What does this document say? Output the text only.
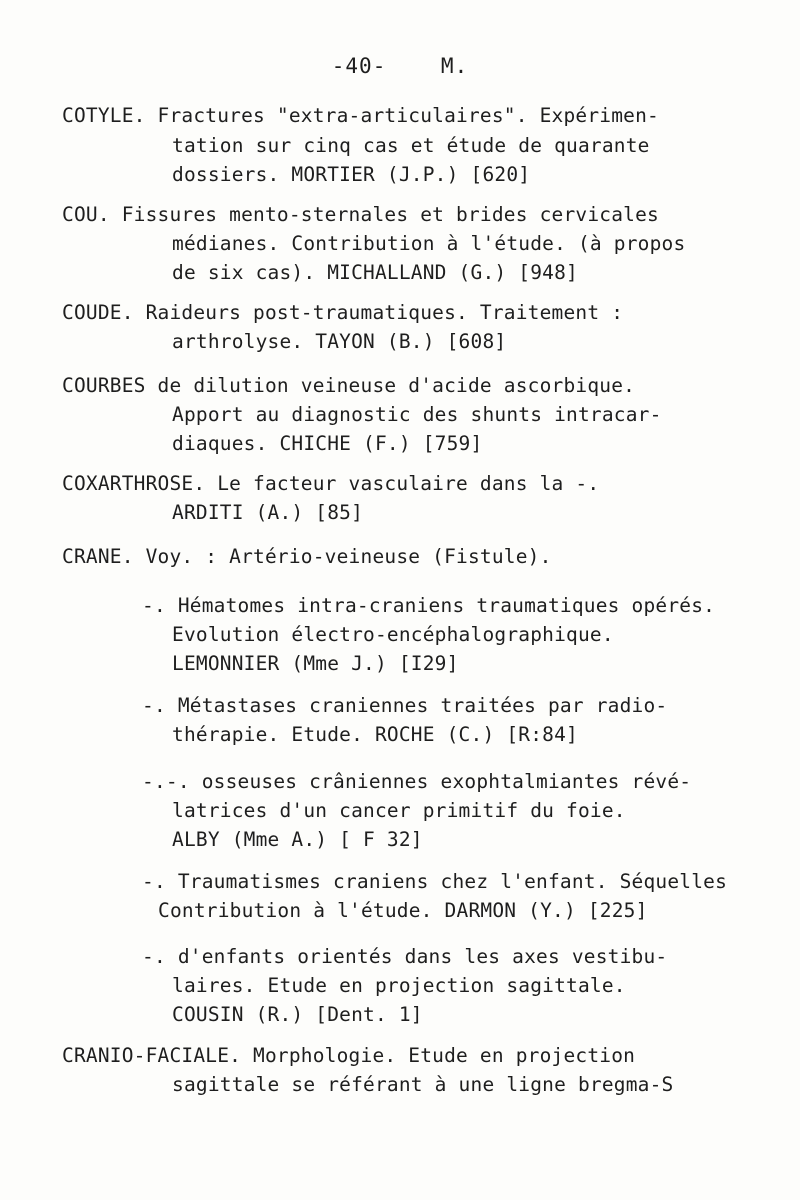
-40-	M.
COTYLE. Fractures "extra-articulaires". Expérimen-
tation sur cinq cas et étude de quarante
dossiers. MORTIER (J.P.) [620]
COU. Fissures mento-sternales et brides cervicales
médianes. Contribution à l'étude. (à propos
de six cas). MICHALLAND (G.) [948]
COUDE. Raideurs post-traumatiques. Traitement :
arthrolyse. TAYON (B.) [608]
COURBES de dilution veineuse d'acide ascorbique.
Apport au diagnostic des shunts intracar-
diaques. CHICHE (F.) [759]
COXARTHROSE. Le facteur vasculaire dans la -.
ARDITI (A.) [85]
CRANE. Voy. : Artério-veineuse (Fistule).
-. Hématomes intra-craniens traumatiques opérés.
Evolution électro-encéphalographique.
LEMONNIER (Mme J.) [I29]
-. Métastases craniennes traitées par radio-
thérapie. Etude. ROCHE (C.) [R:84]
-.-. osseuses crâniennes exophtalmiantes révé-
latrices d'un cancer primitif du foie.
ALBY (Mme A.) [ F 32]
-. Traumatismes craniens chez l'enfant. Séquelles
Contribution à l'étude. DARMON (Y.) [225]
-. d'enfants orientés dans les axes vestibu-
laires. Etude en projection sagittale.
COUSIN (R.) [Dent. 1]
CRANIO-FACIALE. Morphologie. Etude en projection
sagittale se référant à une ligne bregma-S
